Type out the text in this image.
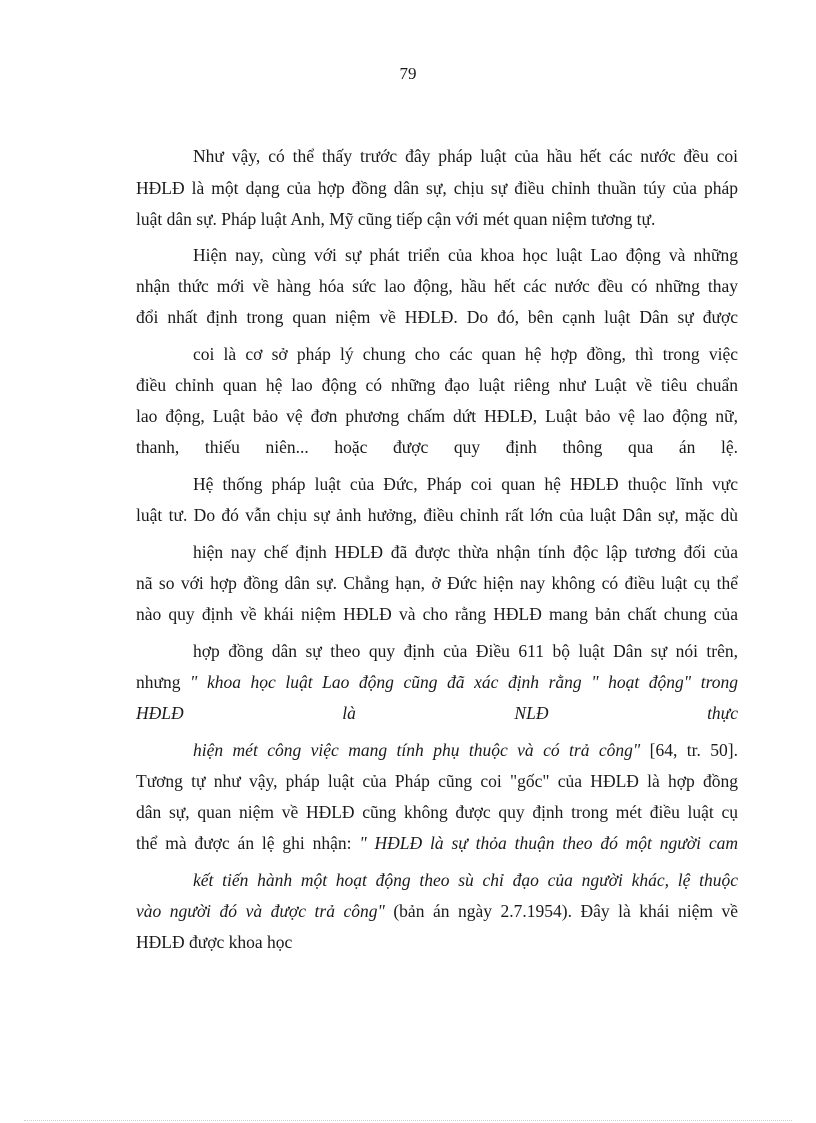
79
Như vậy, có thể thấy trước đây pháp luật của hầu hết các nước đều coi
HĐLĐ là một dạng của hợp đồng dân sự, chịu sự điều chỉnh thuần túy của pháp
luật dân sự. Pháp luật Anh, Mỹ cũng tiếp cận với mét quan niệm tương tự.
Hiện nay, cùng với sự phát triển của khoa học luật Lao động và những
nhận thức mới về hàng hóa sức lao động, hầu hết các nước đều có những thay
đổi nhất định trong quan niệm về HĐLĐ. Do đó, bên cạnh luật Dân sự được
coi là cơ sở pháp lý chung cho các quan hệ hợp đồng, thì trong việc
điều chỉnh quan hệ lao động có những đạo luật riêng như Luật về tiêu chuẩn
lao động, Luật bảo vệ đơn phương chấm dứt HĐLĐ, Luật bảo vệ lao động nữ,
thanh, thiếu niên... hoặc được quy định thông qua án lệ.
Hệ thống pháp luật của Đức, Pháp coi quan hệ HĐLĐ thuộc lĩnh vực
luật tư. Do đó vẫn chịu sự ảnh hưởng, điều chỉnh rất lớn của luật Dân sự, mặc dù
hiện nay chế định HĐLĐ đã được thừa nhận tính độc lập tương đối của
nã so với hợp đồng dân sự. Chẳng hạn, ở Đức hiện nay không có điều luật cụ thể
nào quy định về khái niệm HĐLĐ và cho rằng HĐLĐ mang bản chất chung của
hợp đồng dân sự theo quy định của Điều 611 bộ luật Dân sự nói trên,
nhưng " khoa học luật Lao động cũng đã xác định rằng " hoạt động" trong
HĐLĐ là NLĐ thực
hiện mét công việc mang tính phụ thuộc và có trả công" [64, tr. 50].
Tương tự như vậy, pháp luật của Pháp cũng coi "gốc" của HĐLĐ là hợp đồng
dân sự, quan niệm về HĐLĐ cũng không được quy định trong mét điều luật cụ
thể mà được án lệ ghi nhận: " HĐLĐ là sự thỏa thuận theo đó một người cam
kết tiến hành một hoạt động theo sù chỉ đạo của người khác, lệ thuộc
vào người đó và được trả công" (bản án ngày 2.7.1954). Đây là khái niệm về
HĐLĐ được khoa học
